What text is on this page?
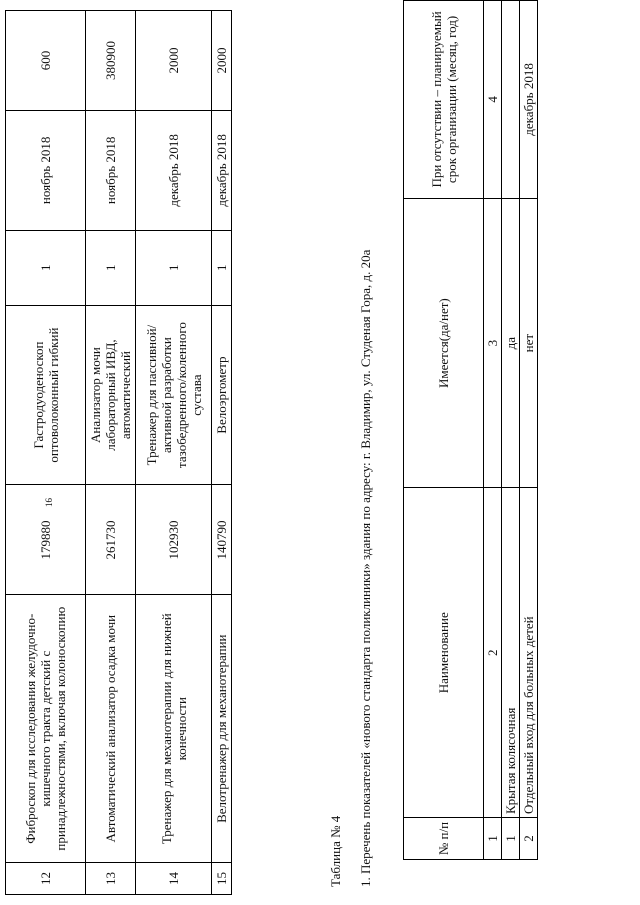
16
12	Фиброскоп для исследования желудочно-кишечного тракта детский с принадлежностями, включая колоноскопию	179880	Гастродуоденоскоп оптоволоконный гибкий	1	ноябрь 2018	600
13	Автоматический анализатор осадка мочи	261730	Анализатор мочи лабораторный ИВД, автоматический	1	ноябрь 2018	380900
14	Тренажер для механотерапии для нижней конечности	102930	Тренажер для пассивной/активной разработки тазобедренного/коленного сустава	1	декабрь 2018	2000
15	Велотренажер для механотерапии	140790	Велоэргометр	1	декабрь 2018	2000
Таблица № 4 1. Перечень показателей «нового стандарта поликлиники» здания по адресу: г. Владимир, ул. Студеная Гора, д. 20а	№ п/п	Наименование	Имеется(да/нет)	При отсутствии – планируемый срок организации (месяц, год)
1	2	3	4
1	Крытая колясочная	да	
2	Отдельный вход для больных детей	нет	декабрь 2018
